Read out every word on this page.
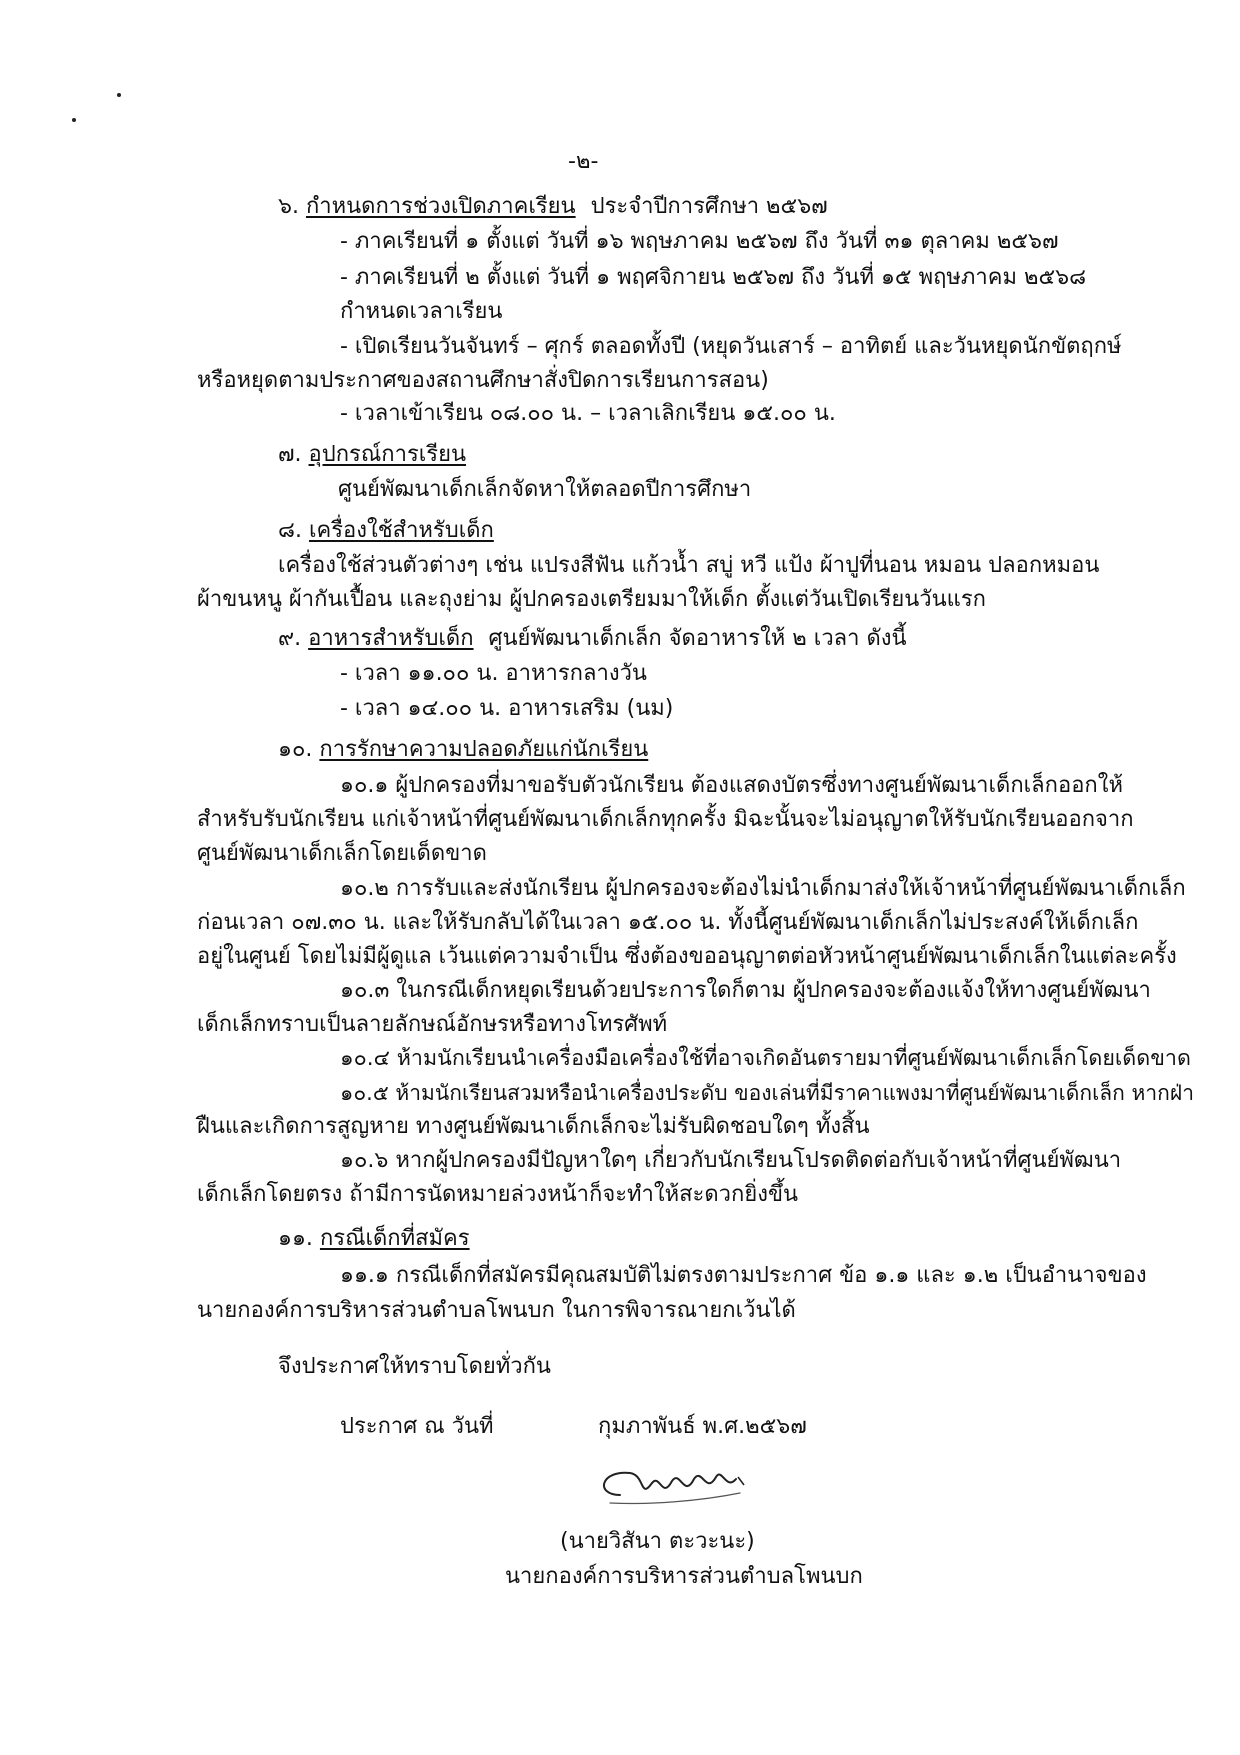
-๒-
๖. กำหนดการช่วงเปิดภาคเรียน ประจำปีการศึกษา ๒๕๖๗
- ภาคเรียนที่ ๑ ตั้งแต่ วันที่ ๑๖ พฤษภาคม ๒๕๖๗ ถึง วันที่ ๓๑ ตุลาคม ๒๕๖๗
- ภาคเรียนที่ ๒ ตั้งแต่ วันที่ ๑ พฤศจิกายน ๒๕๖๗ ถึง วันที่ ๑๕ พฤษภาคม ๒๕๖๘
กำหนดเวลาเรียน
- เปิดเรียนวันจันทร์ – ศุกร์ ตลอดทั้งปี (หยุดวันเสาร์ – อาทิตย์ และวันหยุดนักขัตฤกษ์
หรือหยุดตามประกาศของสถานศึกษาสั่งปิดการเรียนการสอน)
- เวลาเข้าเรียน ๐๘.๐๐ น. – เวลาเลิกเรียน ๑๕.๐๐ น.
๗. อุปกรณ์การเรียน
ศูนย์พัฒนาเด็กเล็กจัดหาให้ตลอดปีการศึกษา
๘. เครื่องใช้สำหรับเด็ก
เครื่องใช้ส่วนตัวต่างๆ เช่น แปรงสีฟัน แก้วน้ำ สบู่ หวี แป้ง ผ้าปูที่นอน หมอน ปลอกหมอน
ผ้าขนหนู ผ้ากันเปื้อน และถุงย่าม ผู้ปกครองเตรียมมาให้เด็ก ตั้งแต่วันเปิดเรียนวันแรก
๙. อาหารสำหรับเด็ก ศูนย์พัฒนาเด็กเล็ก จัดอาหารให้ ๒ เวลา ดังนี้
- เวลา ๑๑.๐๐ น. อาหารกลางวัน
- เวลา ๑๔.๐๐ น. อาหารเสริม (นม)
๑๐. การรักษาความปลอดภัยแก่นักเรียน
๑๐.๑ ผู้ปกครองที่มาขอรับตัวนักเรียน ต้องแสดงบัตรซึ่งทางศูนย์พัฒนาเด็กเล็กออกให้
สำหรับรับนักเรียน แก่เจ้าหน้าที่ศูนย์พัฒนาเด็กเล็กทุกครั้ง มิฉะนั้นจะไม่อนุญาตให้รับนักเรียนออกจาก
ศูนย์พัฒนาเด็กเล็กโดยเด็ดขาด
๑๐.๒ การรับและส่งนักเรียน ผู้ปกครองจะต้องไม่นำเด็กมาส่งให้เจ้าหน้าที่ศูนย์พัฒนาเด็กเล็ก
ก่อนเวลา ๐๗.๓๐ น. และให้รับกลับได้ในเวลา ๑๕.๐๐ น. ทั้งนี้ศูนย์พัฒนาเด็กเล็กไม่ประสงค์ให้เด็กเล็ก
อยู่ในศูนย์ โดยไม่มีผู้ดูแล เว้นแต่ความจำเป็น ซึ่งต้องขออนุญาตต่อหัวหน้าศูนย์พัฒนาเด็กเล็กในแต่ละครั้ง
๑๐.๓ ในกรณีเด็กหยุดเรียนด้วยประการใดก็ตาม ผู้ปกครองจะต้องแจ้งให้ทางศูนย์พัฒนา
เด็กเล็กทราบเป็นลายลักษณ์อักษรหรือทางโทรศัพท์
๑๐.๔ ห้ามนักเรียนนำเครื่องมือเครื่องใช้ที่อาจเกิดอันตรายมาที่ศูนย์พัฒนาเด็กเล็กโดยเด็ดขาด
๑๐.๕ ห้ามนักเรียนสวมหรือนำเครื่องประดับ ของเล่นที่มีราคาแพงมาที่ศูนย์พัฒนาเด็กเล็ก หากฝ่า
ฝืนและเกิดการสูญหาย ทางศูนย์พัฒนาเด็กเล็กจะไม่รับผิดชอบใดๆ ทั้งสิ้น
๑๐.๖ หากผู้ปกครองมีปัญหาใดๆ เกี่ยวกับนักเรียนโปรดติดต่อกับเจ้าหน้าที่ศูนย์พัฒนา
เด็กเล็กโดยตรง ถ้ามีการนัดหมายล่วงหน้าก็จะทำให้สะดวกยิ่งขึ้น
๑๑. กรณีเด็กที่สมัคร
๑๑.๑ กรณีเด็กที่สมัครมีคุณสมบัติไม่ตรงตามประกาศ ข้อ ๑.๑ และ ๑.๒ เป็นอำนาจของ
นายกองค์การบริหารส่วนตำบลโพนบก ในการพิจารณายกเว้นได้
จึงประกาศให้ทราบโดยทั่วกัน
ประกาศ ณ วันที่	กุมภาพันธ์ พ.ศ.๒๕๖๗
(นายวิสันา ตะวะนะ)
นายกองค์การบริหารส่วนตำบลโพนบก
